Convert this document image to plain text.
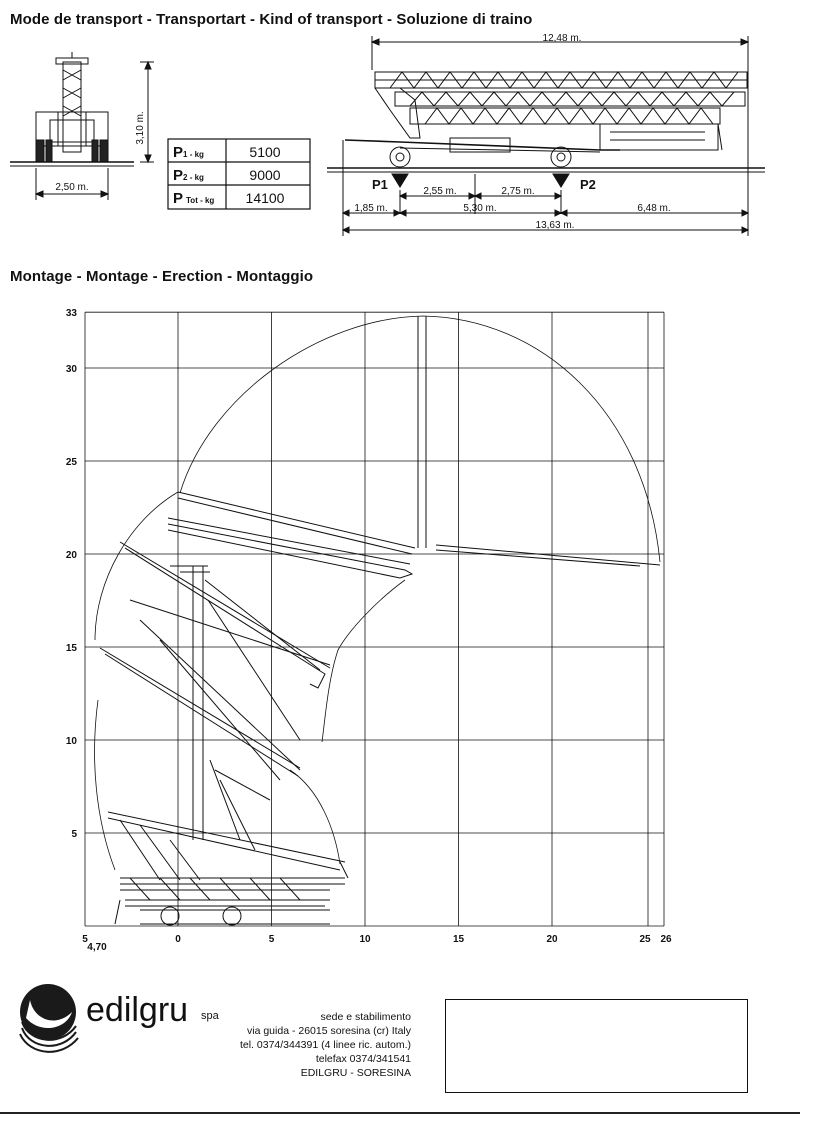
Mode de transport - Transportart - Kind of transport - Soluzione di traino
Montage - Montage - Erection - Montaggio
3,10 m.
2,50 m.
P1 - kg	5100
P2 - kg	9000
P Tot - kg 14100
12,48 m.
P1	P2
2,55 m.	2,75 m.
1,85 m.	5,30 m.	6,48 m.
13,63 m.
33
30
25
20
15
10
5
5	0	5	10	15	20	25 26
4,70
edilgru spa	sede e stabilimento
via guida - 26015 soresina (cr) Italy
tel. 0374/344391 (4 linee ric. autom.)
telefax 0374/341541
EDILGRU - SORESINA
